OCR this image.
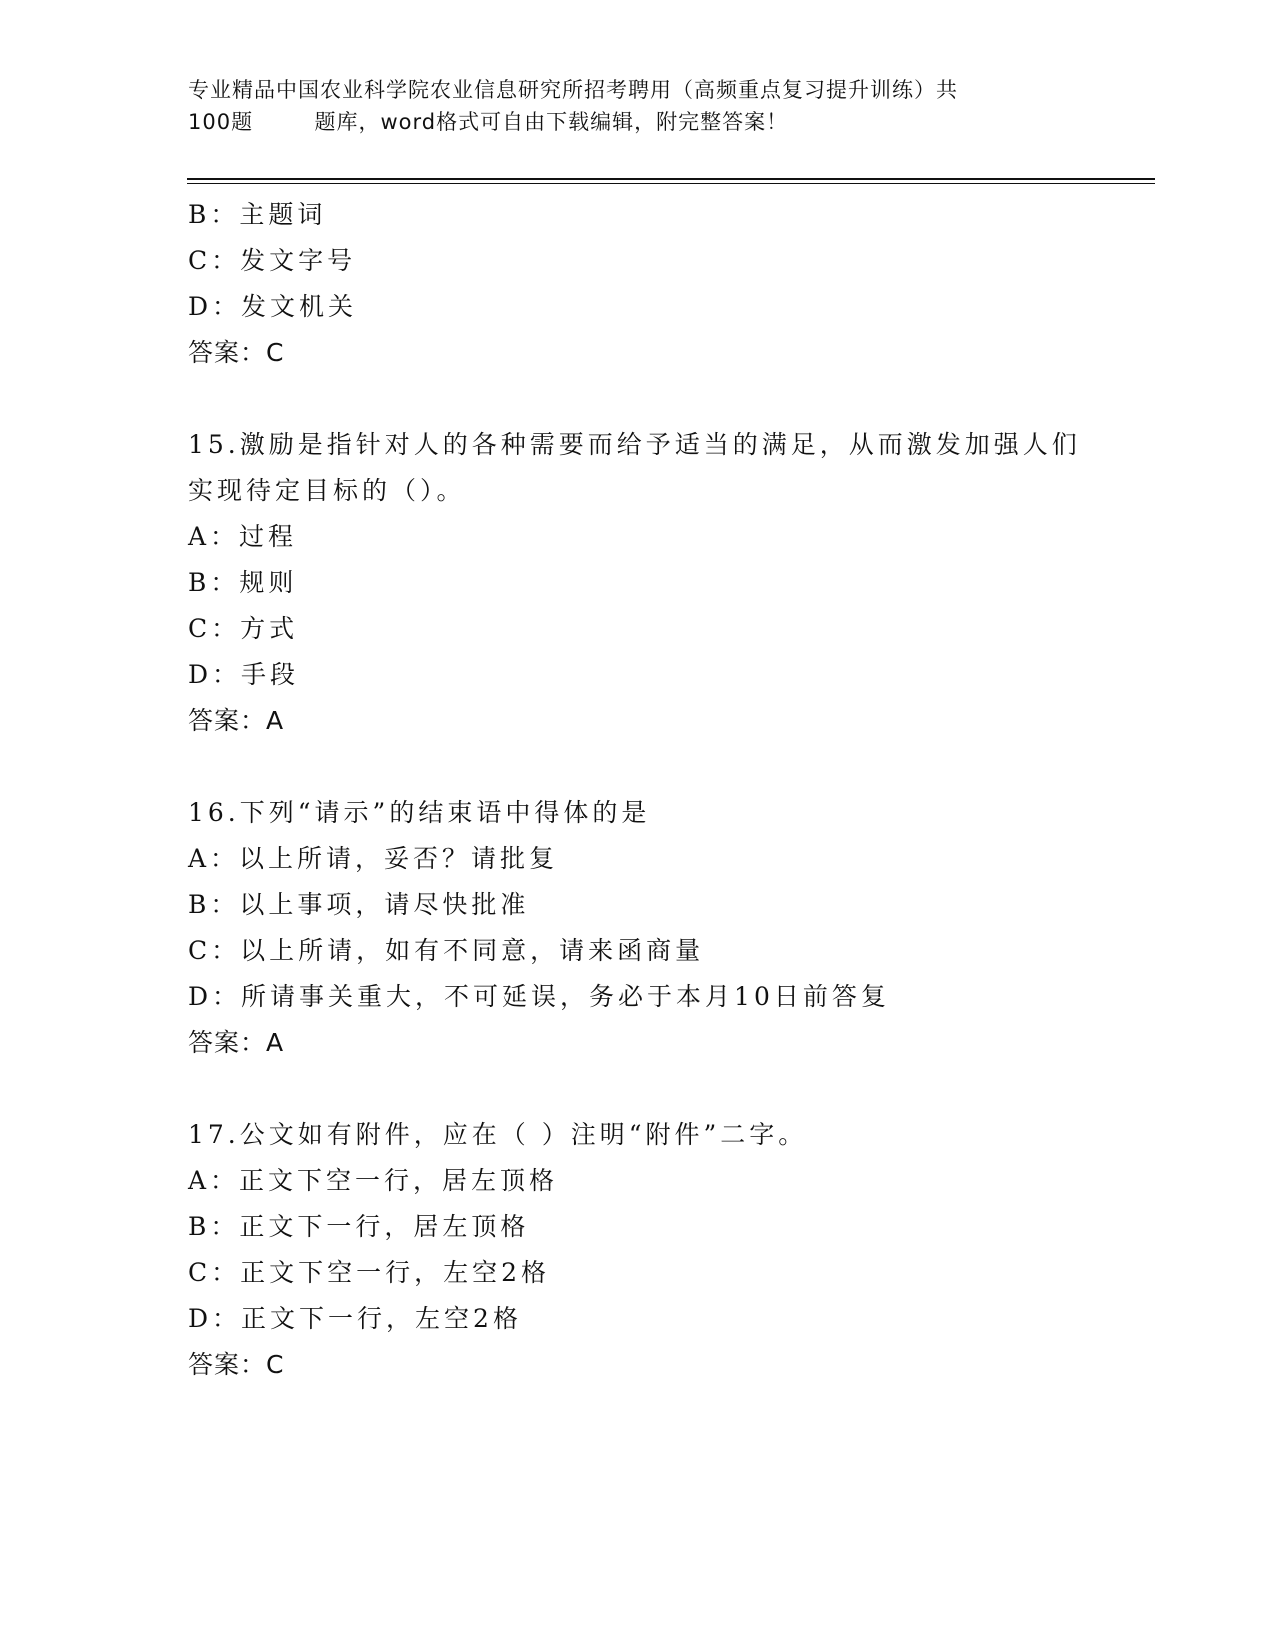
专业精品中国农业科学院农业信息研究所招考聘用（高频重点复习提升训练）共
100题        题库，word格式可自由下载编辑，附完整答案！
B：主题词
C：发文字号
D：发文机关
答案：C
15.激励是指针对人的各种需要而给予适当的满足，从而激发加强人们
实现待定目标的（）。
A：过程
B：规则
C：方式
D：手段
答案：A
16.下列“请示”的结束语中得体的是
A：以上所请，妥否？请批复
B：以上事项，请尽快批准
C：以上所请，如有不同意，请来函商量
D：所请事关重大，不可延误，务必于本月10日前答复
答案：A
17.公文如有附件，应在（ ）注明“附件”二字。
A：正文下空一行，居左顶格
B：正文下一行，居左顶格
C：正文下空一行，左空2格
D：正文下一行，左空2格
答案：C
